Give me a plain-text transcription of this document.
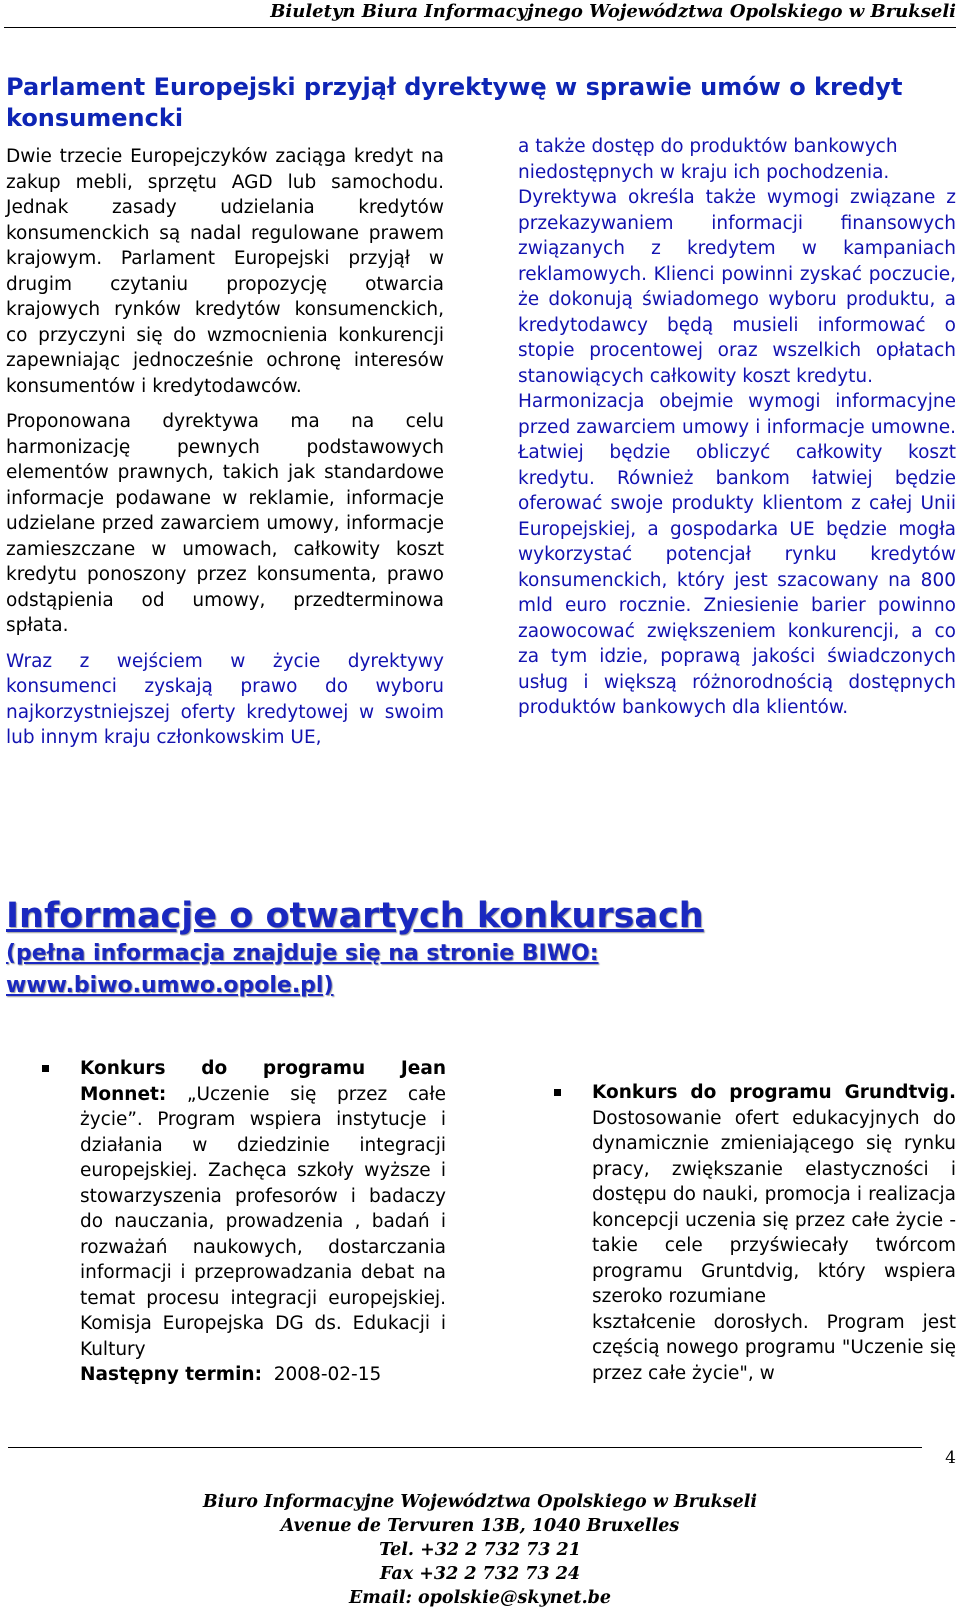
Biuletyn Biura Informacyjnego Województwa Opolskiego w Brukseli
Parlament Europejski przyjął dyrektywę w sprawie umów o kredyt konsumencki

Dwie trzecie Europejczyków zaciąga kredyt na zakup mebli, sprzętu AGD lub samochodu. Jednak zasady udzielania kredytów konsumenckich są nadal regulowane prawem krajowym. Parlament Europejski przyjął w drugim czytaniu propozycję otwarcia krajowych rynków kredytów konsumenckich, co przyczyni się do wzmocnienia konkurencji zapewniając jednocześnie ochronę interesów konsumentów i kredytodawców.

Proponowana dyrektywa ma na celu harmonizację pewnych podstawowych elementów prawnych, takich jak standardowe informacje podawane w reklamie, informacje udzielane przed zawarciem umowy, informacje zamieszczane w umowach, całkowity koszt kredytu ponoszony przez konsumenta, prawo odstąpienia od umowy, przedterminowa spłata.

Wraz z wejściem w życie dyrektywy konsumenci zyskają prawo do wyboru najkorzystniejszej oferty kredytowej w swoim lub innym kraju członkowskim UE,

a także dostęp do produktów bankowych niedostępnych w kraju ich pochodzenia.

Dyrektywa określa także wymogi związane z przekazywaniem informacji finansowych związanych z kredytem w kampaniach reklamowych. Klienci powinni zyskać poczucie, że dokonują świadomego wyboru produktu, a kredytodawcy będą musieli informować o stopie procentowej oraz wszelkich opłatach stanowiących całkowity koszt kredytu.

Harmonizacja obejmie wymogi informacyjne przed zawarciem umowy i informacje umowne. Łatwiej będzie obliczyć całkowity koszt kredytu. Również bankom łatwiej będzie oferować swoje produkty klientom z całej Unii Europejskiej, a gospodarka UE będzie mogła wykorzystać potencjał rynku kredytów konsumenckich, który jest szacowany na 800 mld euro rocznie. Zniesienie barier powinno zaowocować zwiększeniem konkurencji, a co za tym idzie, poprawą jakości świadczonych usług i większą różnorodnością dostępnych produktów bankowych dla klientów.

Informacje o otwartych konkursach
(pełna informacja znajduje się na stronie BIWO:
www.biwo.umwo.opole.pl)
Konkurs do programu Jean Monnet: „Uczenie się przez całe życie”. Program wspiera instytucje i działania w dziedzinie integracji europejskiej. Zachęca szkoły wyższe i stowarzyszenia profesorów i badaczy do nauczania, prowadzenia , badań i rozważań naukowych, dostarczania informacji i przeprowadzania debat na temat procesu integracji europejskiej. Komisja Europejska DG ds. Edukacji i Kultury
Następny termin: 2008-02-15
Konkurs do programu Grundtvig. Dostosowanie ofert edukacyjnych do dynamicznie zmieniającego się rynku pracy, zwiększanie elastyczności i dostępu do nauki, promocja i realizacja koncepcji uczenia się przez całe życie - takie cele przyświecały twórcom programu Gruntdvig, który wspiera szeroko rozumiane
kształcenie dorosłych. Program jest częścią nowego programu "Uczenie się przez całe życie", w
4
Biuro Informacyjne Województwa Opolskiego w Brukseli
Avenue de Tervuren 13B, 1040 Bruxelles
Tel. +32 2 732 73 21
Fax +32 2 732 73 24
Email: opolskie@skynet.be
